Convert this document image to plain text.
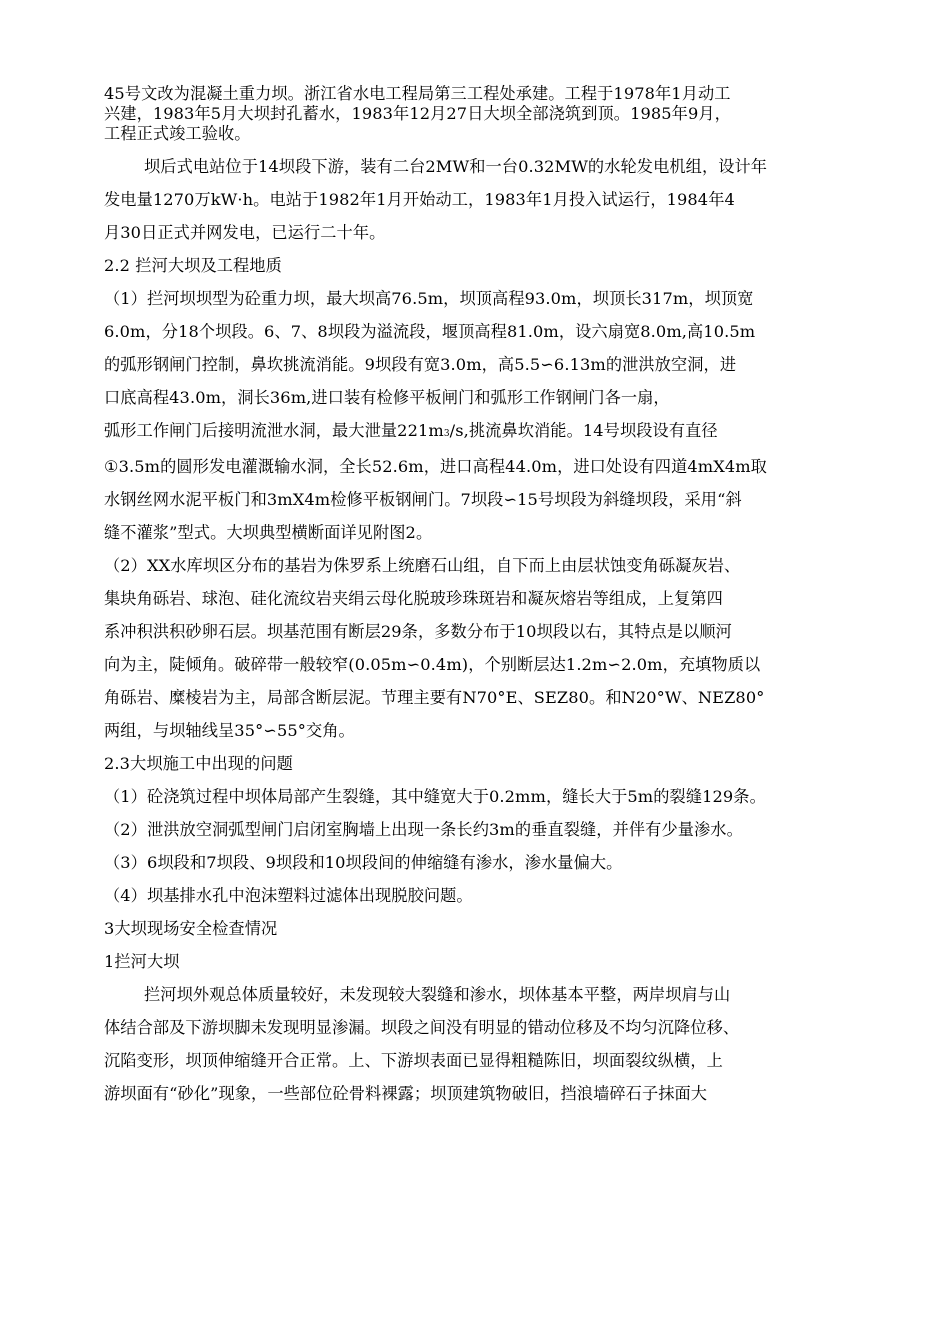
45号文改为混凝土重力坝。浙江省水电工程局第三工程处承建。工程于1978年1月动工
兴建，1983年5月大坝封孔蓄水，1983年12月27日大坝全部浇筑到顶。1985年9月，
工程正式竣工验收。
坝后式电站位于14坝段下游，装有二台2MW和一台0.32MW的水轮发电机组，设计年
发电量1270万kW·h。电站于1982年1月开始动工，1983年1月投入试运行，1984年4
月30日正式并网发电，已运行二十年。
2.2 拦河大坝及工程地质
（1）拦河坝坝型为砼重力坝，最大坝高76.5m，坝顶高程93.0m，坝顶长317m，坝顶宽
6.0m，分18个坝段。6、7、8坝段为溢流段，堰顶高程81.0m，设六扇宽8.0m,高10.5m
的弧形钢闸门控制，鼻坎挑流消能。9坝段有宽3.0m，高5.5∽6.13m的泄洪放空洞，进
口底高程43.0m，洞长36m,进口装有检修平板闸门和弧形工作钢闸门各一扇，
弧形工作闸门后接明流泄水洞，最大泄量221m3/s,挑流鼻坎消能。14号坝段设有直径
①3.5m的圆形发电灌溉输水洞，全长52.6m，进口高程44.0m，进口处设有四道4mX4m取
水钢丝网水泥平板门和3mX4m检修平板钢闸门。7坝段∽15号坝段为斜缝坝段，采用“斜
缝不灌浆”型式。大坝典型横断面详见附图2。
（2）XX水库坝区分布的基岩为侏罗系上统磨石山组，自下而上由层状蚀变角砾凝灰岩、
集块角砾岩、球泡、硅化流纹岩夹绢云母化脱玻珍珠斑岩和凝灰熔岩等组成，上复第四
系冲积洪积砂卵石层。坝基范围有断层29条，多数分布于10坝段以右，其特点是以顺河
向为主，陡倾角。破碎带一般较窄(0.05m∽0.4m)，个别断层达1.2m∽2.0m，充填物质以
角砾岩、糜棱岩为主，局部含断层泥。节理主要有N70°E、SEZ80。和N20°W、NEZ80°
两组，与坝轴线呈35°∽55°交角。
2.3大坝施工中出现的问题
（1）砼浇筑过程中坝体局部产生裂缝，其中缝宽大于0.2mm，缝长大于5m的裂缝129条。
（2）泄洪放空洞弧型闸门启闭室胸墙上出现一条长约3m的垂直裂缝，并伴有少量渗水。
（3）6坝段和7坝段、9坝段和10坝段间的伸缩缝有渗水，渗水量偏大。
（4）坝基排水孔中泡沫塑料过滤体出现脱胶问题。
3大坝现场安全检查情况
1拦河大坝
拦河坝外观总体质量较好，未发现较大裂缝和渗水，坝体基本平整，两岸坝肩与山
体结合部及下游坝脚未发现明显渗漏。坝段之间没有明显的错动位移及不均匀沉降位移、
沉陷变形，坝顶伸缩缝开合正常。上、下游坝表面已显得粗糙陈旧，坝面裂纹纵横，上
游坝面有“砂化”现象，一些部位砼骨料裸露；坝顶建筑物破旧，挡浪墙碎石子抹面大
